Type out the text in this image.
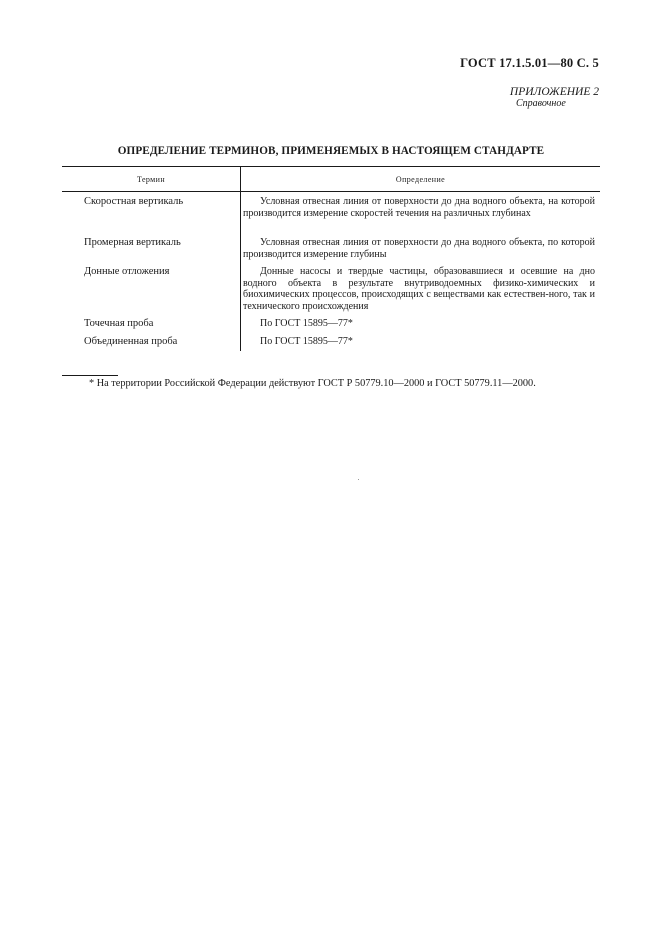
ГОСТ 17.1.5.01—80 С. 5
ПРИЛОЖЕНИЕ 2
Справочное
ОПРЕДЕЛЕНИЕ ТЕРМИНОВ, ПРИМЕНЯЕМЫХ В НАСТОЯЩЕМ СТАНДАРТЕ
Термин	Определение
Скоростная вертикаль	Условная отвесная линия от поверхности до дна водного объекта, на которой производится измерение скоростей течения на различных глубинах
Промерная вертикаль	Условная отвесная линия от поверхности до дна водного объекта, по которой производится измерение глубины
Донные отложения	Донные насосы и твердые частицы, образовавшиеся и осевшие на дно водного объекта в результате внутриводоемных физико-химических и биохимических процессов, происходящих с веществами как естествен-ного, так и технического происхождения
Точечная проба	По ГОСТ 15895—77*
Объединенная проба	По ГОСТ 15895—77*
* На территории Российской Федерации действуют ГОСТ Р 50779.10—2000 и ГОСТ 50779.11—2000.
